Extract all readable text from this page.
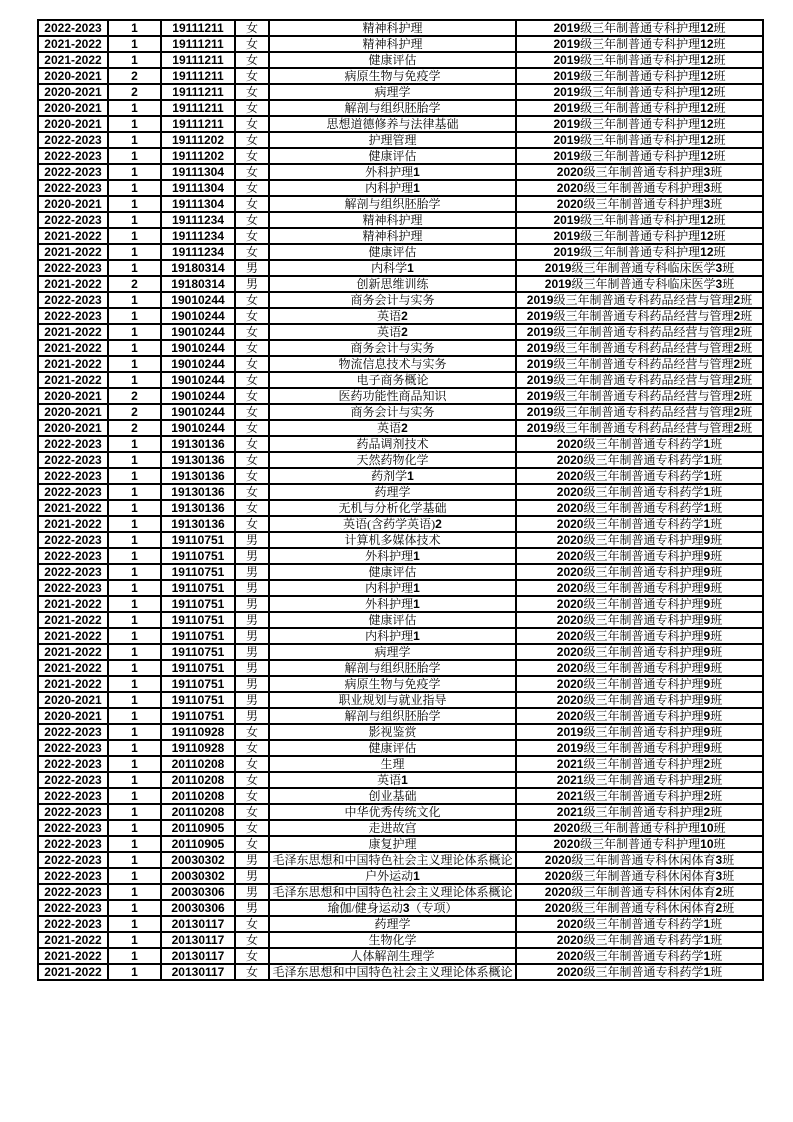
2022-2023	1	19111211	女	精神科护理	2019级三年制普通专科护理12班
2021-2022	1	19111211	女	精神科护理	2019级三年制普通专科护理12班
2021-2022	1	19111211	女	健康评估	2019级三年制普通专科护理12班
2020-2021	2	19111211	女	病原生物与免疫学	2019级三年制普通专科护理12班
2020-2021	2	19111211	女	病理学	2019级三年制普通专科护理12班
2020-2021	1	19111211	女	解剖与组织胚胎学	2019级三年制普通专科护理12班
2020-2021	1	19111211	女	思想道德修养与法律基础	2019级三年制普通专科护理12班
2022-2023	1	19111202	女	护理管理	2019级三年制普通专科护理12班
2022-2023	1	19111202	女	健康评估	2019级三年制普通专科护理12班
2022-2023	1	19111304	女	外科护理1	2020级三年制普通专科护理3班
2022-2023	1	19111304	女	内科护理1	2020级三年制普通专科护理3班
2020-2021	1	19111304	女	解剖与组织胚胎学	2020级三年制普通专科护理3班
2022-2023	1	19111234	女	精神科护理	2019级三年制普通专科护理12班
2021-2022	1	19111234	女	精神科护理	2019级三年制普通专科护理12班
2021-2022	1	19111234	女	健康评估	2019级三年制普通专科护理12班
2022-2023	1	19180314	男	内科学1	2019级三年制普通专科临床医学3班
2021-2022	2	19180314	男	创新思维训练	2019级三年制普通专科临床医学3班
2022-2023	1	19010244	女	商务会计与实务	2019级三年制普通专科药品经营与管理2班
2022-2023	1	19010244	女	英语2	2019级三年制普通专科药品经营与管理2班
2021-2022	1	19010244	女	英语2	2019级三年制普通专科药品经营与管理2班
2021-2022	1	19010244	女	商务会计与实务	2019级三年制普通专科药品经营与管理2班
2021-2022	1	19010244	女	物流信息技术与实务	2019级三年制普通专科药品经营与管理2班
2021-2022	1	19010244	女	电子商务概论	2019级三年制普通专科药品经营与管理2班
2020-2021	2	19010244	女	医药功能性商品知识	2019级三年制普通专科药品经营与管理2班
2020-2021	2	19010244	女	商务会计与实务	2019级三年制普通专科药品经营与管理2班
2020-2021	2	19010244	女	英语2	2019级三年制普通专科药品经营与管理2班
2022-2023	1	19130136	女	药品调剂技术	2020级三年制普通专科药学1班
2022-2023	1	19130136	女	天然药物化学	2020级三年制普通专科药学1班
2022-2023	1	19130136	女	药剂学1	2020级三年制普通专科药学1班
2022-2023	1	19130136	女	药理学	2020级三年制普通专科药学1班
2021-2022	1	19130136	女	无机与分析化学基础	2020级三年制普通专科药学1班
2021-2022	1	19130136	女	英语(含药学英语)2	2020级三年制普通专科药学1班
2022-2023	1	19110751	男	计算机多媒体技术	2020级三年制普通专科护理9班
2022-2023	1	19110751	男	外科护理1	2020级三年制普通专科护理9班
2022-2023	1	19110751	男	健康评估	2020级三年制普通专科护理9班
2022-2023	1	19110751	男	内科护理1	2020级三年制普通专科护理9班
2021-2022	1	19110751	男	外科护理1	2020级三年制普通专科护理9班
2021-2022	1	19110751	男	健康评估	2020级三年制普通专科护理9班
2021-2022	1	19110751	男	内科护理1	2020级三年制普通专科护理9班
2021-2022	1	19110751	男	病理学	2020级三年制普通专科护理9班
2021-2022	1	19110751	男	解剖与组织胚胎学	2020级三年制普通专科护理9班
2021-2022	1	19110751	男	病原生物与免疫学	2020级三年制普通专科护理9班
2020-2021	1	19110751	男	职业规划与就业指导	2020级三年制普通专科护理9班
2020-2021	1	19110751	男	解剖与组织胚胎学	2020级三年制普通专科护理9班
2022-2023	1	19110928	女	影视鉴赏	2019级三年制普通专科护理9班
2022-2023	1	19110928	女	健康评估	2019级三年制普通专科护理9班
2022-2023	1	20110208	女	生理	2021级三年制普通专科护理2班
2022-2023	1	20110208	女	英语1	2021级三年制普通专科护理2班
2022-2023	1	20110208	女	创业基础	2021级三年制普通专科护理2班
2022-2023	1	20110208	女	中华优秀传统文化	2021级三年制普通专科护理2班
2022-2023	1	20110905	女	走进故宫	2020级三年制普通专科护理10班
2022-2023	1	20110905	女	康复护理	2020级三年制普通专科护理10班
2022-2023	1	20030302	男	毛泽东思想和中国特色社会主义理论体系概论	2020级三年制普通专科休闲体育3班
2022-2023	1	20030302	男	户外运动1	2020级三年制普通专科休闲体育3班
2022-2023	1	20030306	男	毛泽东思想和中国特色社会主义理论体系概论	2020级三年制普通专科休闲体育2班
2022-2023	1	20030306	男	瑜伽/健身运动3（专项）	2020级三年制普通专科休闲体育2班
2022-2023	1	20130117	女	药理学	2020级三年制普通专科药学1班
2021-2022	1	20130117	女	生物化学	2020级三年制普通专科药学1班
2021-2022	1	20130117	女	人体解剖生理学	2020级三年制普通专科药学1班
2021-2022	1	20130117	女	毛泽东思想和中国特色社会主义理论体系概论	2020级三年制普通专科药学1班
